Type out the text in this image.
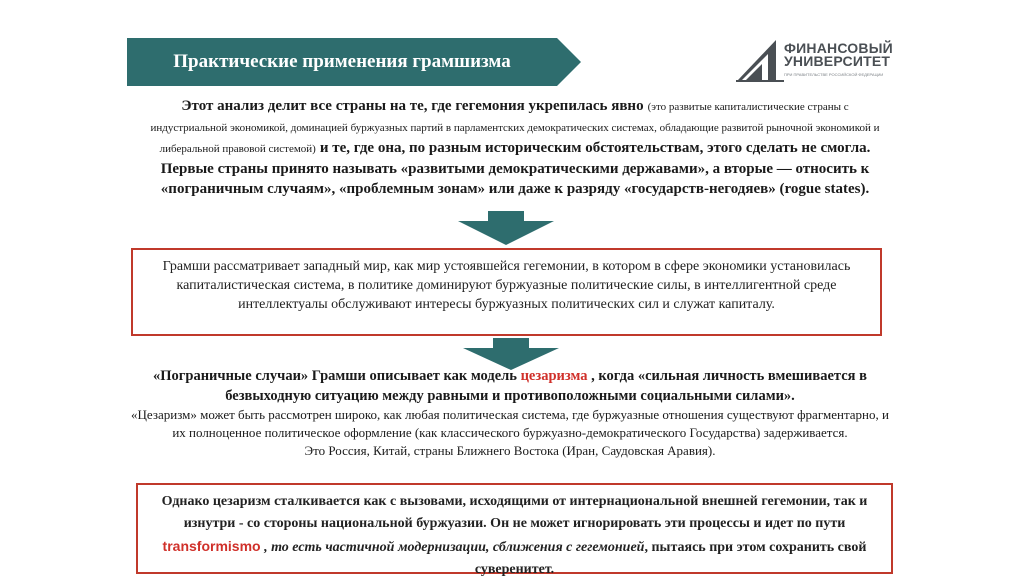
Практические применения грамшизма
ФИНАНСОВЫЙ
УНИВЕРСИТЕТ
ПРИ ПРАВИТЕЛЬСТВЕ РОССИЙСКОЙ ФЕДЕРАЦИИ
Этот анализ делит все страны на те, где гегемония укрепилась явно (это развитые капиталистические страны с индустриальной экономикой, доминацией буржуазных партий в парламентских демократических системах, обладающие развитой рыночной экономикой и либеральной правовой системой) и те, где она, по разным историческим обстоятельствам, этого сделать не смогла. Первые страны принято называть «развитыми демократическими державами», а вторые — относить к «пограничным случаям», «проблемным зонам» или даже к разряду «государств-негодяев» (rogue states).
Грамши рассматривает западный мир, как мир устоявшейся гегемонии, в котором в сфере экономики установилась капиталистическая система, в политике доминируют буржуазные политические силы, в интеллигентной среде интеллектуалы обслуживают интересы буржуазных политических сил и служат капиталу.
«Пограничные случаи» Грамши описывает как модель цезаризма , когда «сильная личность вмешивается в безвыходную ситуацию между равными и противоположными социальными силами».
«Цезаризм» может быть рассмотрен широко, как любая политическая система, где буржуазные отношения существуют фрагментарно, и их полноценное политическое оформление (как классического буржуазно-демократического Государства) задерживается.
Это Россия, Китай, страны Ближнего Востока (Иран, Саудовская Аравия).
Однако цезаризм сталкивается как с вызовами, исходящими от интернациональной внешней гегемонии, так и изнутри - со стороны национальной буржуазии. Он не может игнорировать эти процессы и идет по пути transformismo , то есть частичной модернизации, сближения с гегемонией, пытаясь при этом сохранить свой суверенитет.
